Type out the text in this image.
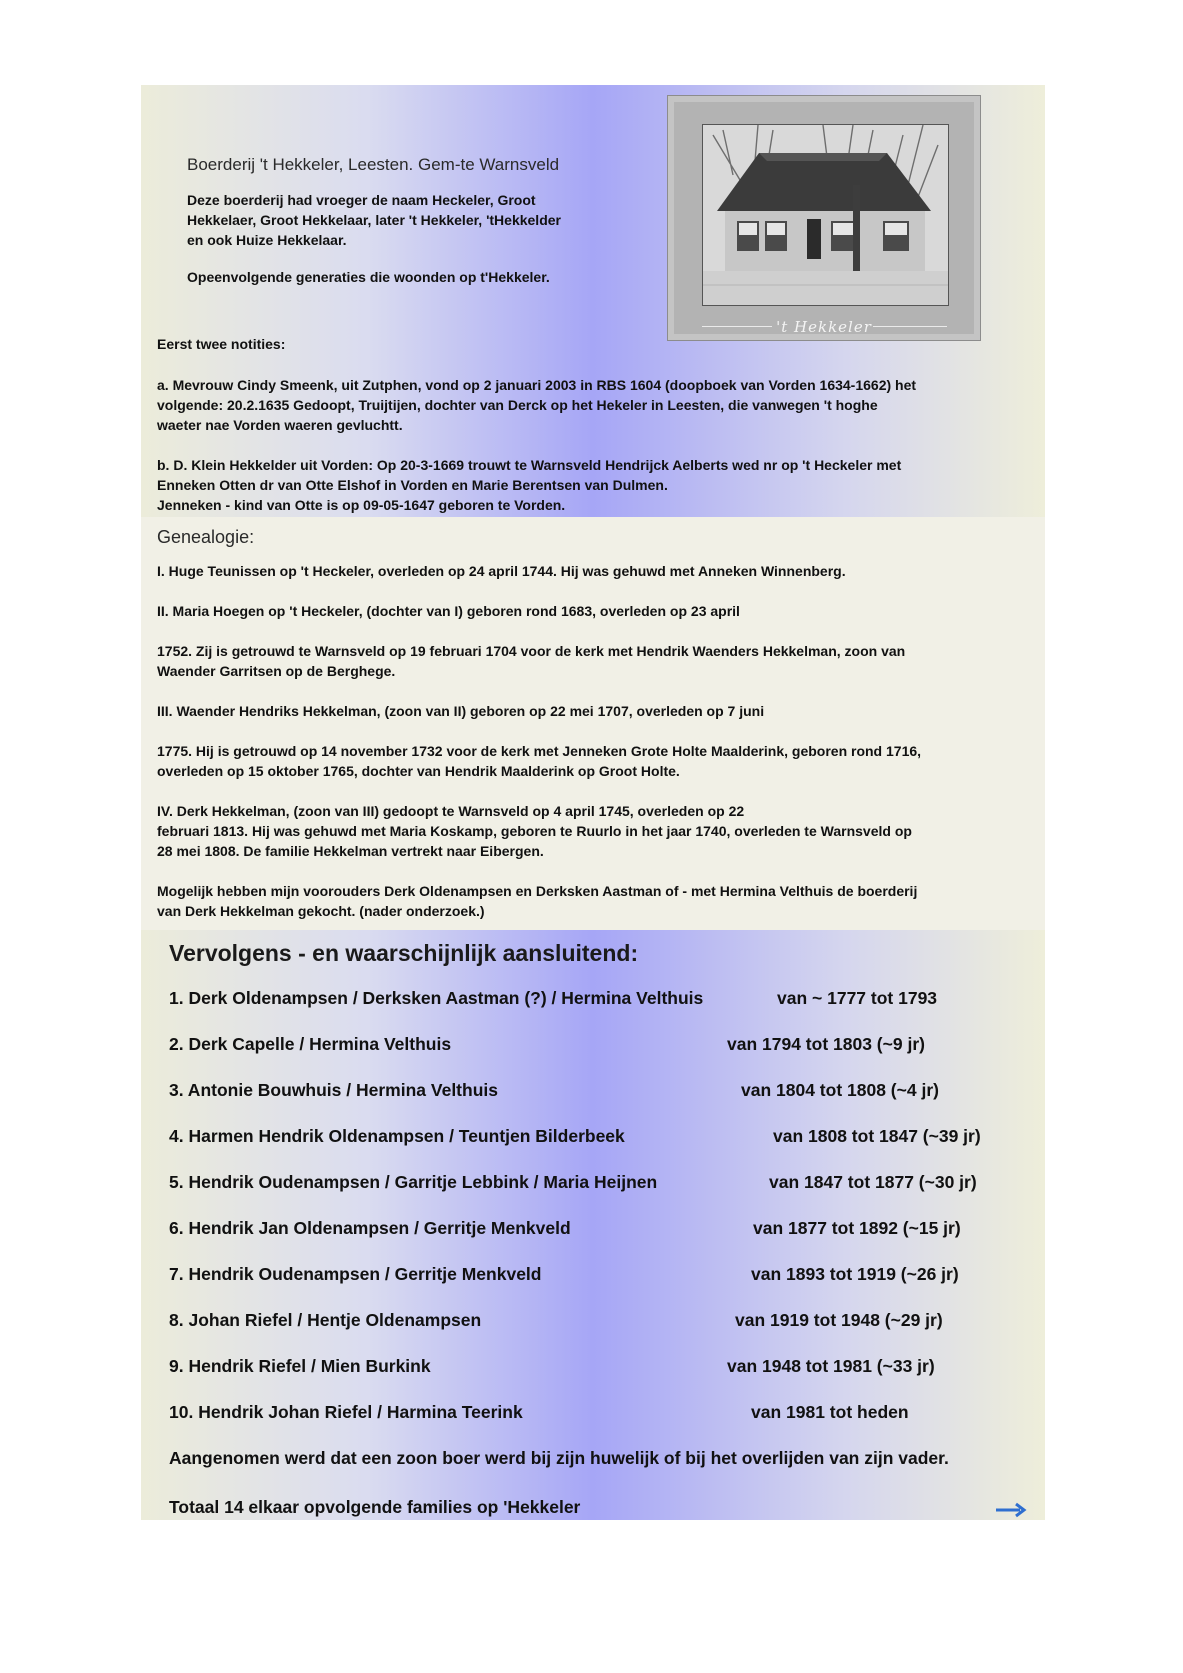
't Hekkeler
Boerderij 't Hekkeler, Leesten. Gem-te Warnsveld
Deze boerderij had vroeger de naam Heckeler, Groot
Hekkelaer, Groot Hekkelaar, later 't Hekkeler, 'tHekkelder
en ook Huize Hekkelaar.
Opeenvolgende generaties die woonden op t'Hekkeler.
Eerst twee notities:
a. Mevrouw Cindy Smeenk, uit Zutphen, vond op 2 januari 2003 in RBS 1604 (doopboek van Vorden 1634-1662) het
volgende: 20.2.1635 Gedoopt, Truijtijen, dochter van Derck op het Hekeler in Leesten, die vanwegen 't hoghe
waeter nae Vorden waeren gevluchtt.
b. D. Klein Hekkelder uit Vorden: Op 20-3-1669 trouwt te Warnsveld Hendrijck Aelberts wed nr op 't Heckeler met
Enneken Otten dr van Otte Elshof in Vorden en Marie Berentsen van Dulmen.
Jenneken - kind van Otte is op 09-05-1647 geboren te Vorden.
Genealogie:
I. Huge Teunissen op 't Heckeler, overleden op 24 april 1744. Hij was gehuwd met Anneken Winnenberg.
II. Maria Hoegen op 't Heckeler, (dochter van I) geboren rond 1683, overleden op 23 april
1752. Zij is getrouwd te Warnsveld op 19 februari 1704 voor de kerk met Hendrik Waenders Hekkelman, zoon van
Waender Garritsen op de Berghege.
III. Waender Hendriks Hekkelman, (zoon van II) geboren op 22 mei 1707, overleden op 7 juni
1775. Hij is getrouwd op 14 november 1732 voor de kerk met Jenneken Grote Holte Maalderink, geboren rond 1716,
overleden op 15 oktober 1765, dochter van Hendrik Maalderink op Groot Holte.
IV. Derk Hekkelman, (zoon van III) gedoopt te Warnsveld op 4 april 1745, overleden op 22
februari 1813. Hij was gehuwd met Maria Koskamp, geboren te Ruurlo in het jaar 1740, overleden te Warnsveld op
28 mei 1808. De familie Hekkelman vertrekt naar Eibergen.
Mogelijk hebben mijn voorouders Derk Oldenampsen en Derksken Aastman of - met Hermina Velthuis de boerderij
van Derk Hekkelman gekocht. (nader onderzoek.)
Vervolgens - en waarschijnlijk aansluitend:
1. Derk Oldenampsen / Derksken Aastman (?) / Hermina Velthuis	van ~ 1777 tot 1793
2. Derk Capelle / Hermina Velthuis	van 1794 tot 1803 (~9 jr)
3. Antonie Bouwhuis / Hermina Velthuis	van 1804 tot 1808 (~4 jr)
4. Harmen Hendrik Oldenampsen / Teuntjen Bilderbeek	van 1808 tot 1847 (~39 jr)
5. Hendrik Oudenampsen / Garritje Lebbink / Maria Heijnen	van 1847 tot 1877 (~30 jr)
6. Hendrik Jan Oldenampsen / Gerritje Menkveld	van 1877 tot 1892 (~15 jr)
7. Hendrik Oudenampsen / Gerritje Menkveld	van 1893 tot 1919 (~26 jr)
8. Johan Riefel / Hentje Oldenampsen	van 1919 tot 1948 (~29 jr)
9. Hendrik Riefel / Mien Burkink	van 1948 tot 1981 (~33 jr)
10. Hendrik Johan Riefel / Harmina Teerink	van 1981 tot heden
Aangenomen werd dat een zoon boer werd bij zijn huwelijk of bij het overlijden van zijn vader.
Totaal 14 elkaar opvolgende families op 'Hekkeler
